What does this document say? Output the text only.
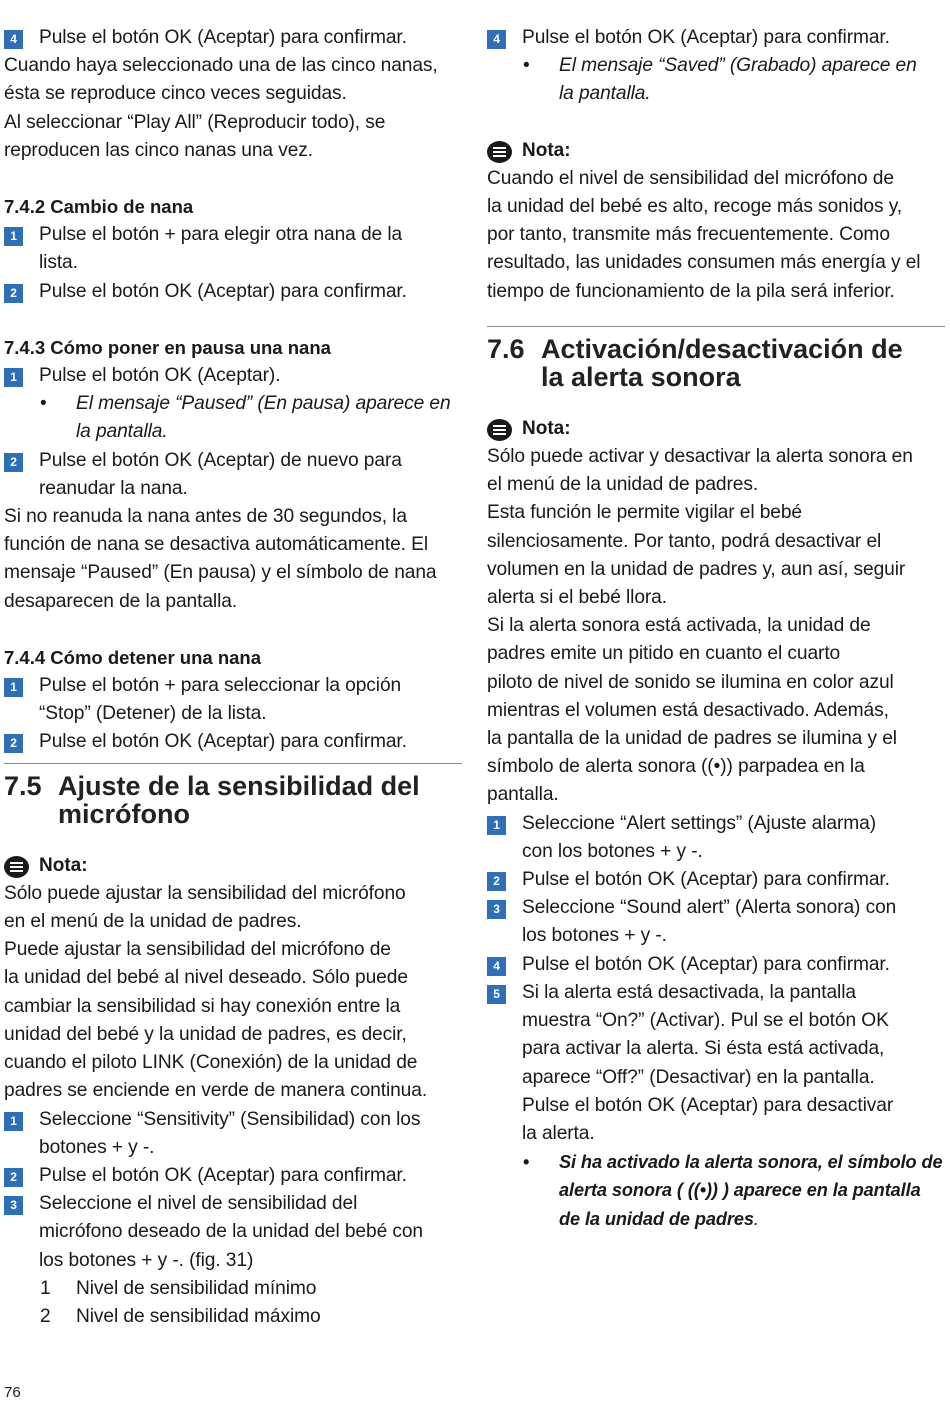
4	Pulse el botón OK (Aceptar) para confirmar.
Cuando haya seleccionado una de las cinco nanas,
ésta se reproduce cinco veces seguidas.
Al seleccionar “Play All” (Reproducir todo), se
reproducen las cinco nanas una vez.
7.4.2 Cambio de nana
1	Pulse el botón + para elegir otra nana de la
lista.
2	Pulse el botón OK (Aceptar) para confirmar.
7.4.3 Cómo poner en pausa una nana
1	Pulse el botón OK (Aceptar).
• El mensaje “Paused” (En pausa) aparece en
la pantalla.
2	Pulse el botón OK (Aceptar) de nuevo para
reanudar la nana.
Si no reanuda la nana antes de 30 segundos, la
función de nana se desactiva automáticamente. El
mensaje “Paused” (En pausa) y el símbolo de nana
desaparecen de la pantalla.
7.4.4 Cómo detener una nana
1	Pulse el botón + para seleccionar la opción
“Stop” (Detener) de la lista.
2	Pulse el botón OK (Aceptar) para confirmar.
7.5 Ajuste de la sensibilidad del
micrófono
Nota:
Sólo puede ajustar la sensibilidad del micrófono
en el menú de la unidad de padres.
Puede ajustar la sensibilidad del micrófono de
la unidad del bebé al nivel deseado. Sólo puede
cambiar la sensibilidad si hay conexión entre la
unidad del bebé y la unidad de padres, es decir,
cuando el piloto LINK (Conexión) de la unidad de
padres se enciende en verde de manera continua.
1	Seleccione “Sensitivity” (Sensibilidad) con los
botones + y -.
2	Pulse el botón OK (Aceptar) para confirmar.
3	Seleccione el nivel de sensibilidad del
micrófono deseado de la unidad del bebé con
los botones + y -. (fig. 31)
1 Nivel de sensibilidad mínimo
2 Nivel de sensibilidad máximo
4	Pulse el botón OK (Aceptar) para confirmar.
• El mensaje “Saved” (Grabado) aparece en
la pantalla.
Nota:
Cuando el nivel de sensibilidad del micrófono de
la unidad del bebé es alto, recoge más sonidos y,
por tanto, transmite más frecuentemente. Como
resultado, las unidades consumen más energía y el
tiempo de funcionamiento de la pila será inferior.
7.6 Activación/desactivación de
la alerta sonora
Nota:
Sólo puede activar y desactivar la alerta sonora en
el menú de la unidad de padres.
Esta función le permite vigilar el bebé
silenciosamente. Por tanto, podrá desactivar el
volumen en la unidad de padres y, aun así, seguir
alerta si el bebé llora.
Si la alerta sonora está activada, la unidad de
padres emite un pitido en cuanto el cuarto
piloto de nivel de sonido se ilumina en color azul
mientras el volumen está desactivado. Además,
la pantalla de la unidad de padres se ilumina y el
símbolo de alerta sonora ((•)) parpadea en la
pantalla.
1	Seleccione “Alert settings” (Ajuste alarma)
con los botones + y -.
2	Pulse el botón OK (Aceptar) para confirmar.
3	Seleccione “Sound alert” (Alerta sonora) con
los botones + y -.
4	Pulse el botón OK (Aceptar) para confirmar.
5	Si la alerta está desactivada, la pantalla
muestra “On?” (Activar). Pul se el botón OK
para activar la alerta. Si ésta está activada,
aparece “Off?” (Desactivar) en la pantalla.
Pulse el botón OK (Aceptar) para desactivar
la alerta.
• Si ha activado la alerta sonora, el símbolo de
alerta sonora ( ((•)) ) aparece en la pantalla
de la unidad de padres.
76
